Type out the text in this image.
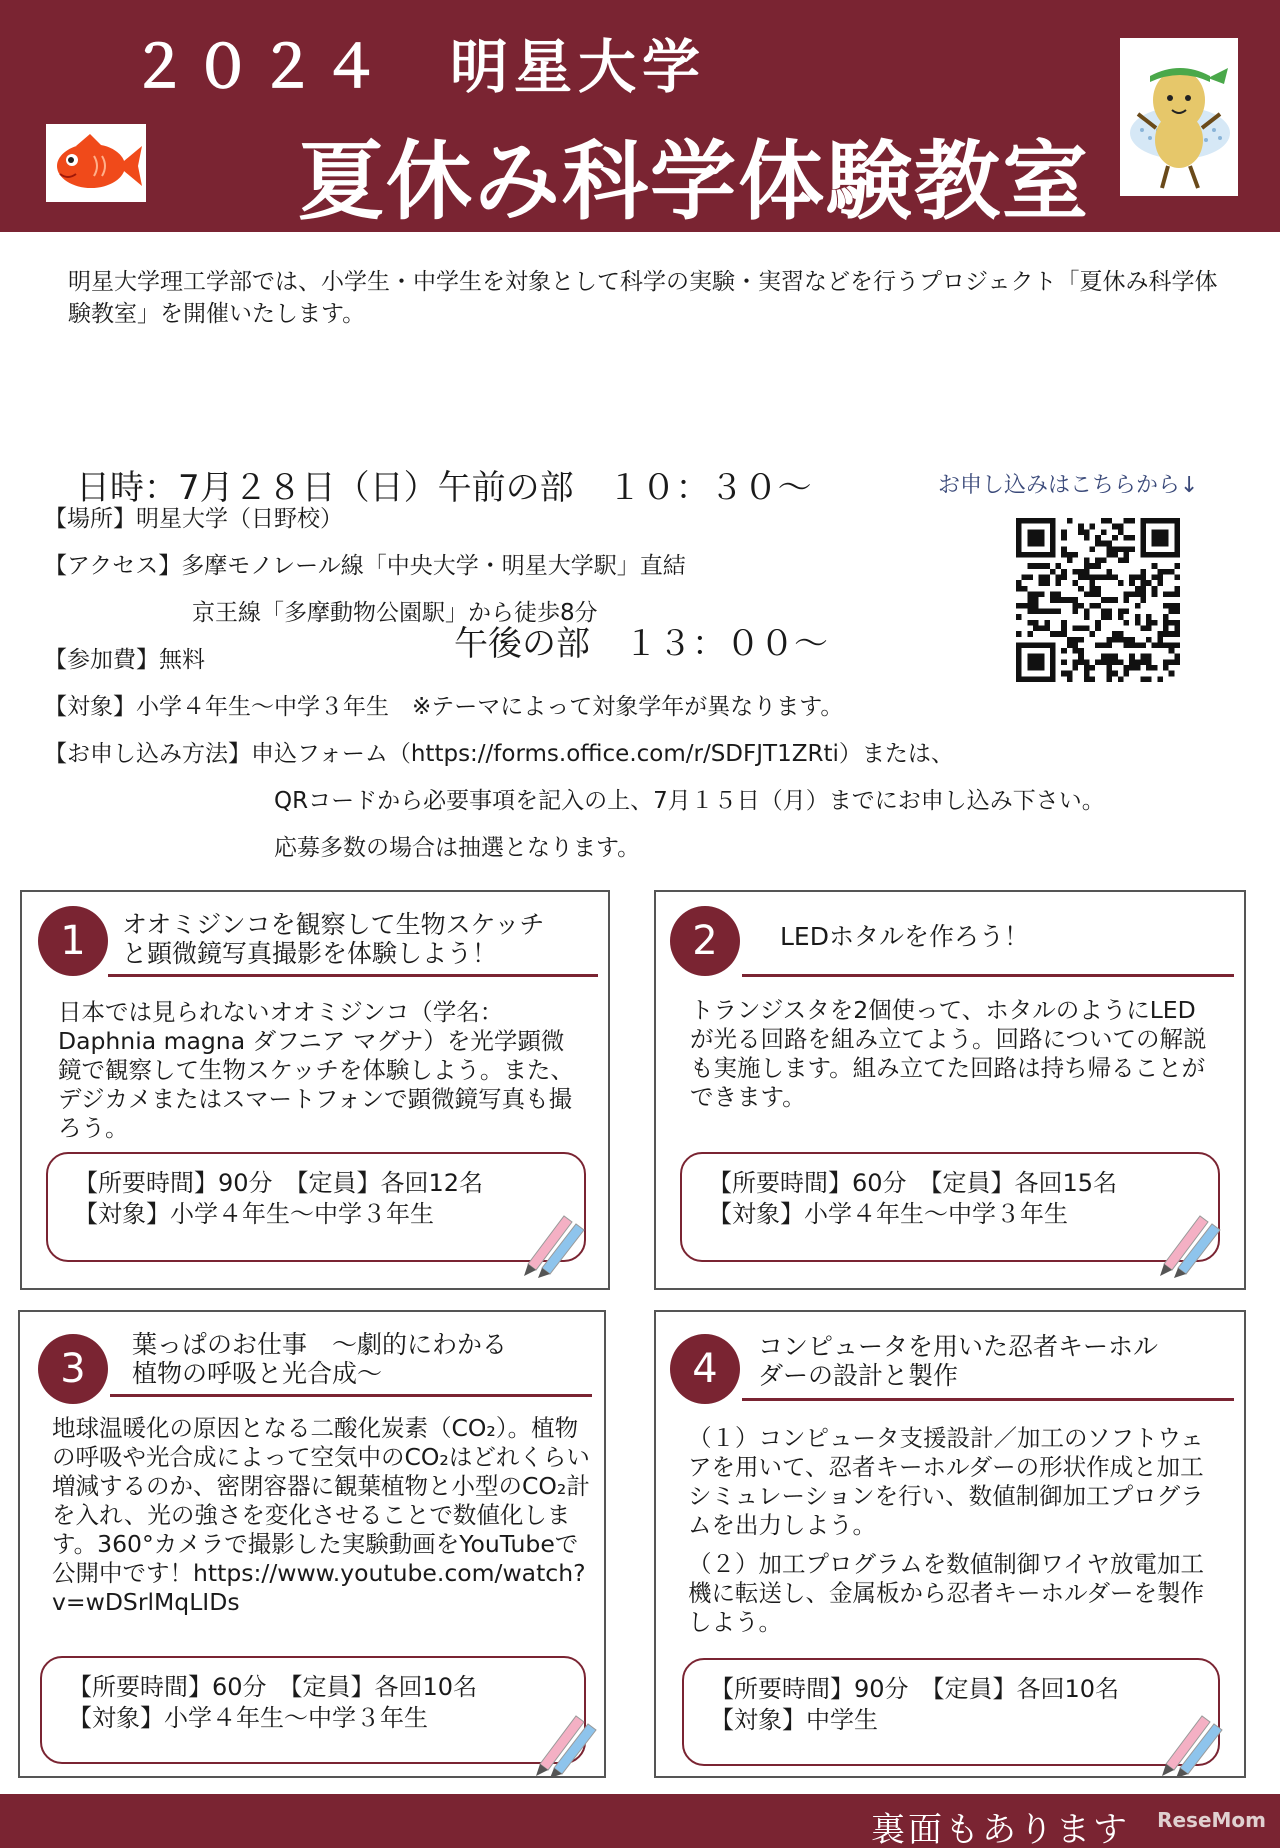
２０２４　明星大学
夏休み科学体験教室
明星大学理工学部では、小学生・中学生を対象として科学の実験・実習などを行うプロジェクト「夏休み科学体験教室」を開催いたします。

日時：7月２８日（日）午前の部　１０：３０～

午後の部　１３：００～

お申し込みはこちらから↓
【場所】明星大学（日野校）
【アクセス】多摩モノレール線「中央大学・明星大学駅」直結
京王線「多摩動物公園駅」から徒歩8分
【参加費】無料
【対象】小学４年生～中学３年生　※テーマによって対象学年が異なります。
【お申し込み方法】申込フォーム（https://forms.office.com/r/SDFJT1ZRti）または、
QRコードから必要事項を記入の上、7月１５日（月）までにお申し込み下さい。
応募多数の場合は抽選となります。
1	オオミジンコを観察して生物スケッチ
と顕微鏡写真撮影を体験しよう！

日本では見られないオオミジンコ（学名：Daphnia magna ダフニア マグナ）を光学顕微鏡で観察して生物スケッチを体験しよう。また、デジカメまたはスマートフォンで顕微鏡写真も撮ろう。

【所要時間】90分　【定員】各回12名
【対象】小学４年生～中学３年生
2	LEDホタルを作ろう！

トランジスタを2個使って、ホタルのようにLEDが光る回路を組み立てよう。回路についての解説も実施します。組み立てた回路は持ち帰ることができます。

【所要時間】60分　【定員】各回15名
【対象】小学４年生～中学３年生
3
葉っぱのお仕事　～劇的にわかる
植物の呼吸と光合成～

地球温暖化の原因となる二酸化炭素（CO₂）。植物の呼吸や光合成によって空気中のCO₂はどれくらい増減するのか、密閉容器に観葉植物と小型のCO₂計を入れ、光の強さを変化させることで数値化します。360°カメラで撮影した実験動画をYouTubeで公開中です！https://www.youtube.com/watch?v=wDSrlMqLIDs

【所要時間】60分　【定員】各回10名
【対象】小学４年生～中学３年生
4	コンピュータを用いた忍者キーホル
ダーの設計と製作

（１）コンピュータ支援設計／加工のソフトウェアを用いて、忍者キーホルダーの形状作成と加工シミュレーションを行い、数値制御加工プログラムを出力しよう。

（２）加工プログラムを数値制御ワイヤ放電加工機に転送し、金属板から忍者キーホルダーを製作しよう。

【所要時間】90分　【定員】各回10名
【対象】中学生
裏面もあります ReseMom
